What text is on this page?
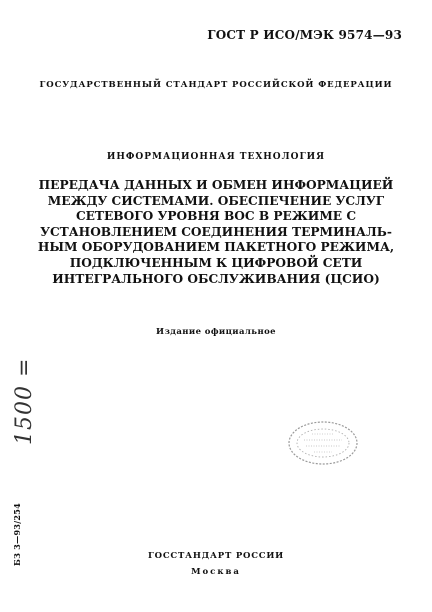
ГОСТ Р ИСО/МЭК 9574—93
ГОСУДАРСТВЕННЫЙ СТАНДАРТ РОССИЙСКОЙ ФЕДЕРАЦИИ
ИНФОРМАЦИОННАЯ ТЕХНОЛОГИЯ
ПЕРЕДАЧА ДАННЫХ И ОБМЕН ИНФОРМАЦИЕЙ
МЕЖДУ СИСТЕМАМИ. ОБЕСПЕЧЕНИЕ УСЛУГ
СЕТЕВОГО УРОВНЯ ВОС В РЕЖИМЕ С
УСТАНОВЛЕНИЕМ СОЕДИНЕНИЯ ТЕРМИНАЛЬ-
НЫМ ОБОРУДОВАНИЕМ ПАКЕТНОГО РЕЖИМА,
ПОДКЛЮЧЕННЫМ К ЦИФРОВОЙ СЕТИ
ИНТЕГРАЛЬНОГО ОБСЛУЖИВАНИЯ (ЦСИО)
Издание официальное
1500 =
БЗ 3—93/254	ГОССТАНДАРТ РОССИИ
Москва
